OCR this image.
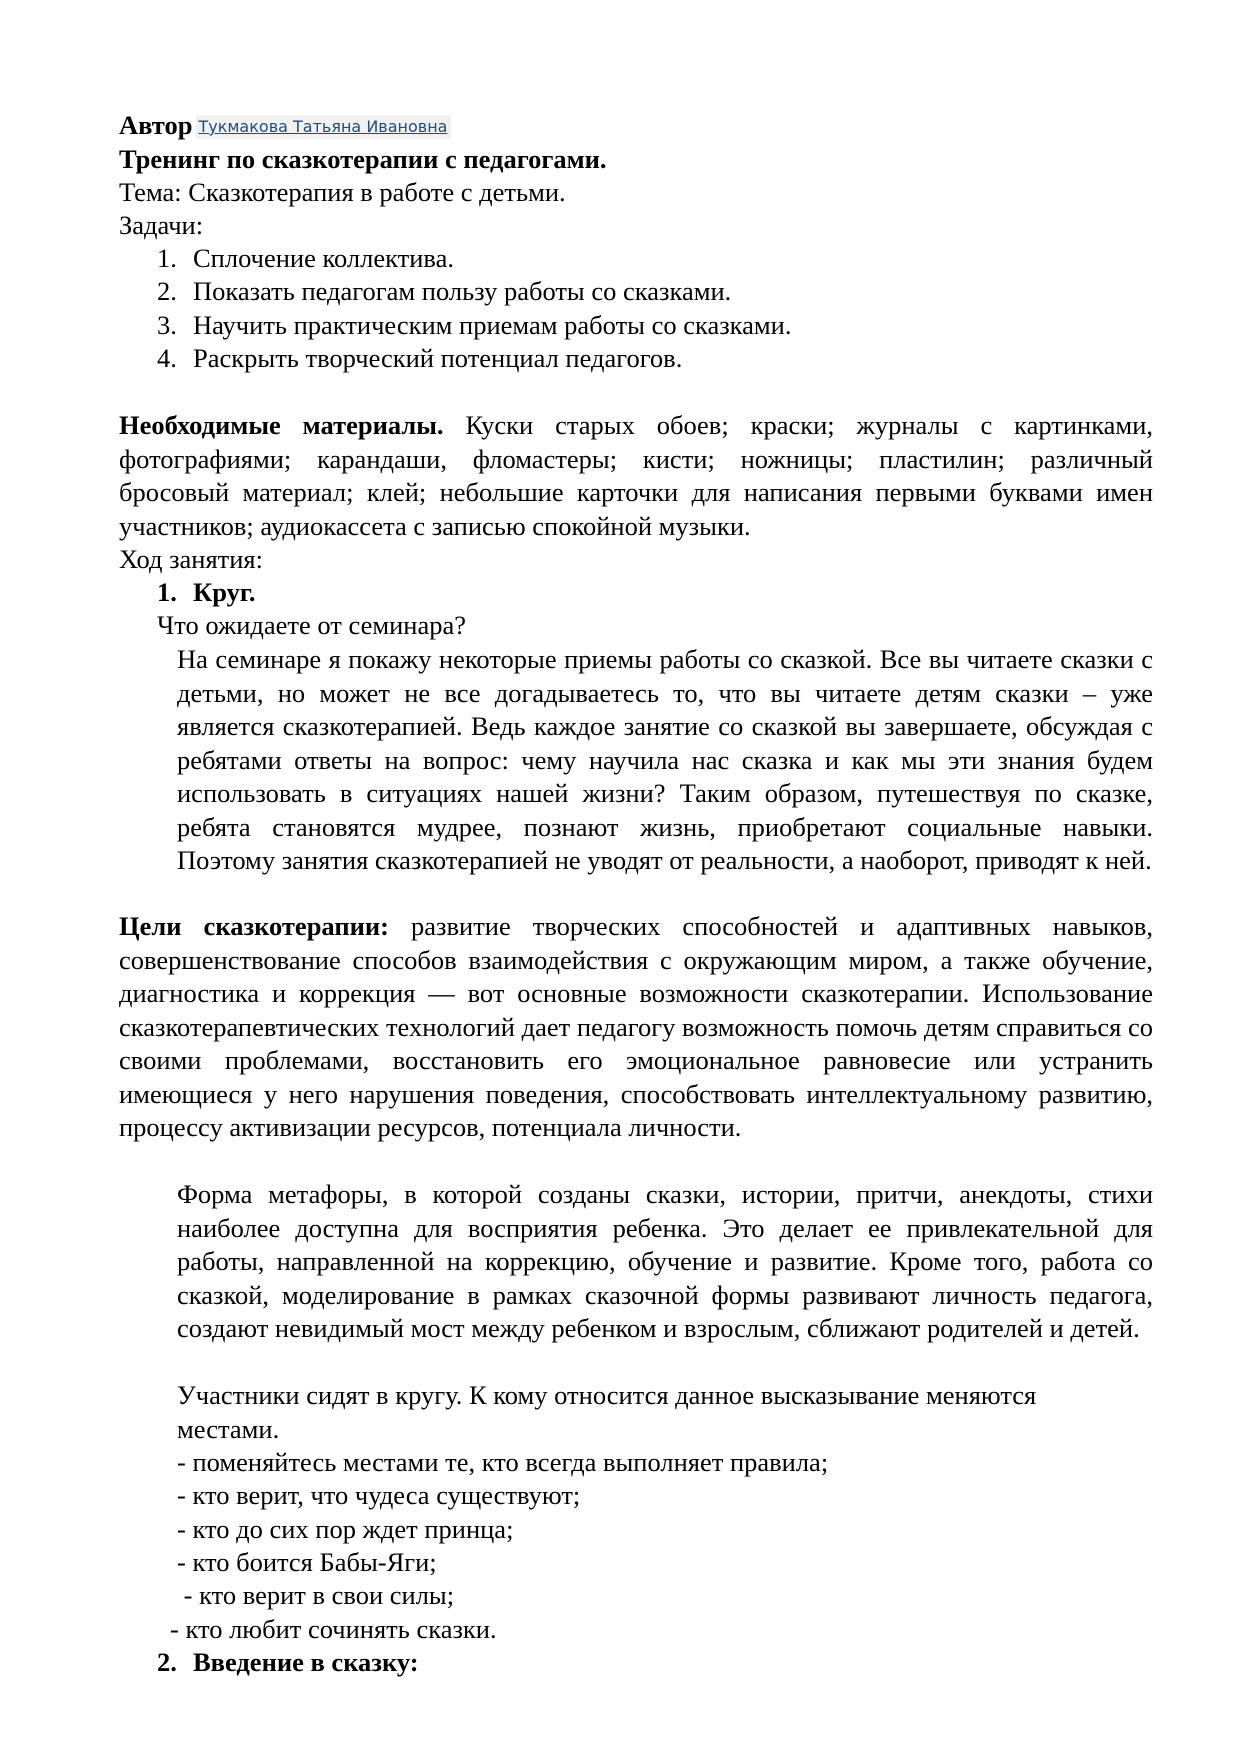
Автор Тукмакова Татьяна Ивановна
Тренинг по сказкотерапии с педагогами.
Тема: Сказкотерапия в работе с детьми.
Задачи:
1. Сплочение коллектива.
2. Показать педагогам пользу работы со сказками.
3. Научить практическим приемам работы со сказками.
4. Раскрыть творческий потенциал педагогов.
Необходимые материалы. Куски старых обоев; краски; журналы с картинками, фотографиями; карандаши, фломастеры; кисти; ножницы; пластилин; различный бросовый материал; клей; небольшие карточки для написания первыми буквами имен участников; аудиокассета с записью спокойной музыки.
Ход занятия:
1. Круг.
Что ожидаете от семинара?
На семинаре я покажу некоторые приемы работы со сказкой. Все вы читаете сказки с детьми, но может не все догадываетесь то, что вы читаете детям сказки – уже является сказкотерапией. Ведь каждое занятие со сказкой вы завершаете, обсуждая с ребятами ответы на вопрос: чему научила нас сказка и как мы эти знания будем использовать в ситуациях нашей жизни? Таким образом, путешествуя по сказке, ребята становятся мудрее, познают жизнь, приобретают социальные навыки. Поэтому занятия сказкотерапией не уводят от реальности, а наоборот, приводят к ней.
Цели сказкотерапии: развитие творческих способностей и адаптивных навыков, совершенствование способов взаимодействия с окружающим миром, а также обучение, диагностика и коррекция — вот основные возможности сказкотерапии. Использование сказкотерапевтических технологий дает педагогу возможность помочь детям справиться со своими проблемами, восстановить его эмоциональное равновесие или устранить имеющиеся у него нарушения поведения, способствовать интеллектуальному развитию, процессу активизации ресурсов, потенциала личности.
Форма метафоры, в которой созданы сказки, истории, притчи, анекдоты, стихи наиболее доступна для восприятия ребенка. Это делает ее привлекательной для работы, направленной на коррекцию, обучение и развитие. Кроме того, работа со сказкой, моделирование в рамках сказочной формы развивают личность педагога, создают невидимый мост между ребенком и взрослым, сближают родителей и детей.
Участники сидят в кругу. К кому относится данное высказывание меняются местами.
- поменяйтесь местами те, кто всегда выполняет правила;
- кто верит, что чудеса существуют;
- кто до сих пор ждет принца;
- кто боится Бабы-Яги;
- кто верит в свои силы;
- кто любит сочинять сказки.
2. Введение в сказку:
